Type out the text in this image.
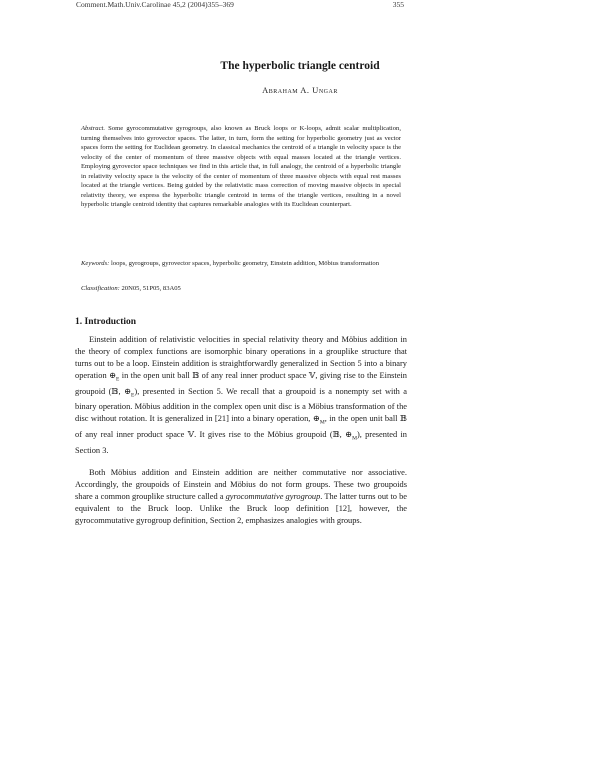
Comment.Math.Univ.Carolinae 45,2 (2004)355–369	355
The hyperbolic triangle centroid
Abraham A. Ungar
Abstract. Some gyrocommutative gyrogroups, also known as Bruck loops or K-loops, admit scalar multiplication, turning themselves into gyrovector spaces. The latter, in turn, form the setting for hyperbolic geometry just as vector spaces form the setting for Euclidean geometry. In classical mechanics the centroid of a triangle in velocity space is the velocity of the center of momentum of three massive objects with equal masses located at the triangle vertices. Employing gyrovector space techniques we find in this article that, in full analogy, the centroid of a hyperbolic triangle in relativity velocity space is the velocity of the center of momentum of three massive objects with equal rest masses located at the triangle vertices. Being guided by the relativistic mass correction of moving massive objects in special relativity theory, we express the hyperbolic triangle centroid in terms of the triangle vertices, resulting in a novel hyperbolic triangle centroid identity that captures remarkable analogies with its Euclidean counterpart.
Keywords: loops, gyrogroups, gyrovector spaces, hyperbolic geometry, Einstein addition, Möbius transformation
Classification: 20N05, 51P05, 83A05
1. Introduction
Einstein addition of relativistic velocities in special relativity theory and Möbius addition in the theory of complex functions are isomorphic binary operations in a grouplike structure that turns out to be a loop. Einstein addition is straightforwardly generalized in Section 5 into a binary operation $\oplus_E$ in the open unit ball 𝔹 of any real inner product space 𝕍, giving rise to the Einstein groupoid (𝔹, $\oplus_E$), presented in Section 5. We recall that a groupoid is a nonempty set with a binary operation. Möbius addition in the complex open unit disc is a Möbius transformation of the disc without rotation. It is generalized in [21] into a binary operation, $\oplus_M$, in the open unit ball 𝔹 of any real inner product space 𝕍. It gives rise to the Möbius groupoid (𝔹, $\oplus_M$), presented in Section 3.
Both Möbius addition and Einstein addition are neither commutative nor associative. Accordingly, the groupoids of Einstein and Möbius do not form groups. These two groupoids share a common grouplike structure called a gyrocommutative gyrogroup. The latter turns out to be equivalent to the Bruck loop. Unlike the Bruck loop definition [12], however, the gyrocommutative gyrogroup definition, Section 2, emphasizes analogies with groups.
